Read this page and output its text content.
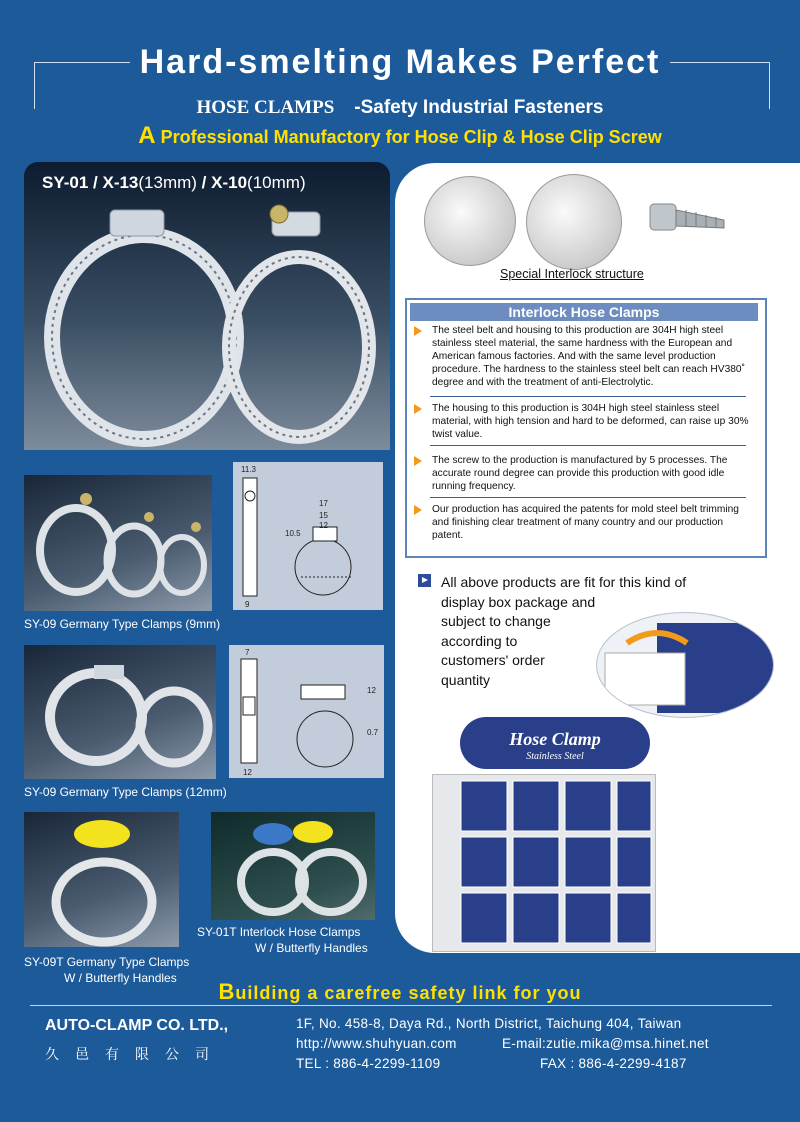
Hard-smelting Makes Perfect
HOSE CLAMPS -Safety Industrial Fasteners
A Professional Manufactory for Hose Clip & Hose Clip Screw
SY-01 / X-13(13mm) / X-10(10mm)
SY-09 Germany Type Clamps (9mm)
11.3
17
15
12
10.5
9
SY-09 Germany Type Clamps (12mm)
7
12
0.7
12
SY-09T Germany Type Clamps
W / Butterfly Handles
SY-01T Interlock Hose Clamps
W / Butterfly Handles
Special Interlock structure
Interlock Hose Clamps
The steel belt and housing to this production are 304H high steel stainless steel material, the same hardness with the European and American famous factories. And with the same level production procedure. The hardness to the stainless steel belt can reach HV380˚ degree and with the treatment of anti-Electrolytic.
The housing to this production is 304H high steel stainless steel material, with high tension and hard to be deformed, can raise up 30% twist value.
The screw to the production is manufactured by 5 processes. The accurate round degree can provide this production with good idle running frequency.
Our production has acquired the patents for mold steel belt trimming and finishing clear treatment of many country and our production patent.
All above products are fit for this kind of
display box package and
subject to change
according to
customers' order
quantity
Hose Clamp
Stainless Steel
Building a carefree safety link for you
AUTO-CLAMP CO. LTD.,
久邑有限公司
1F, No. 458-8, Daya Rd., North District, Taichung 404, Taiwan
http://www.shuhyuan.com	E-mail:zutie.mika@msa.hinet.net
TEL : 886-4-2299-1109	FAX : 886-4-2299-4187
